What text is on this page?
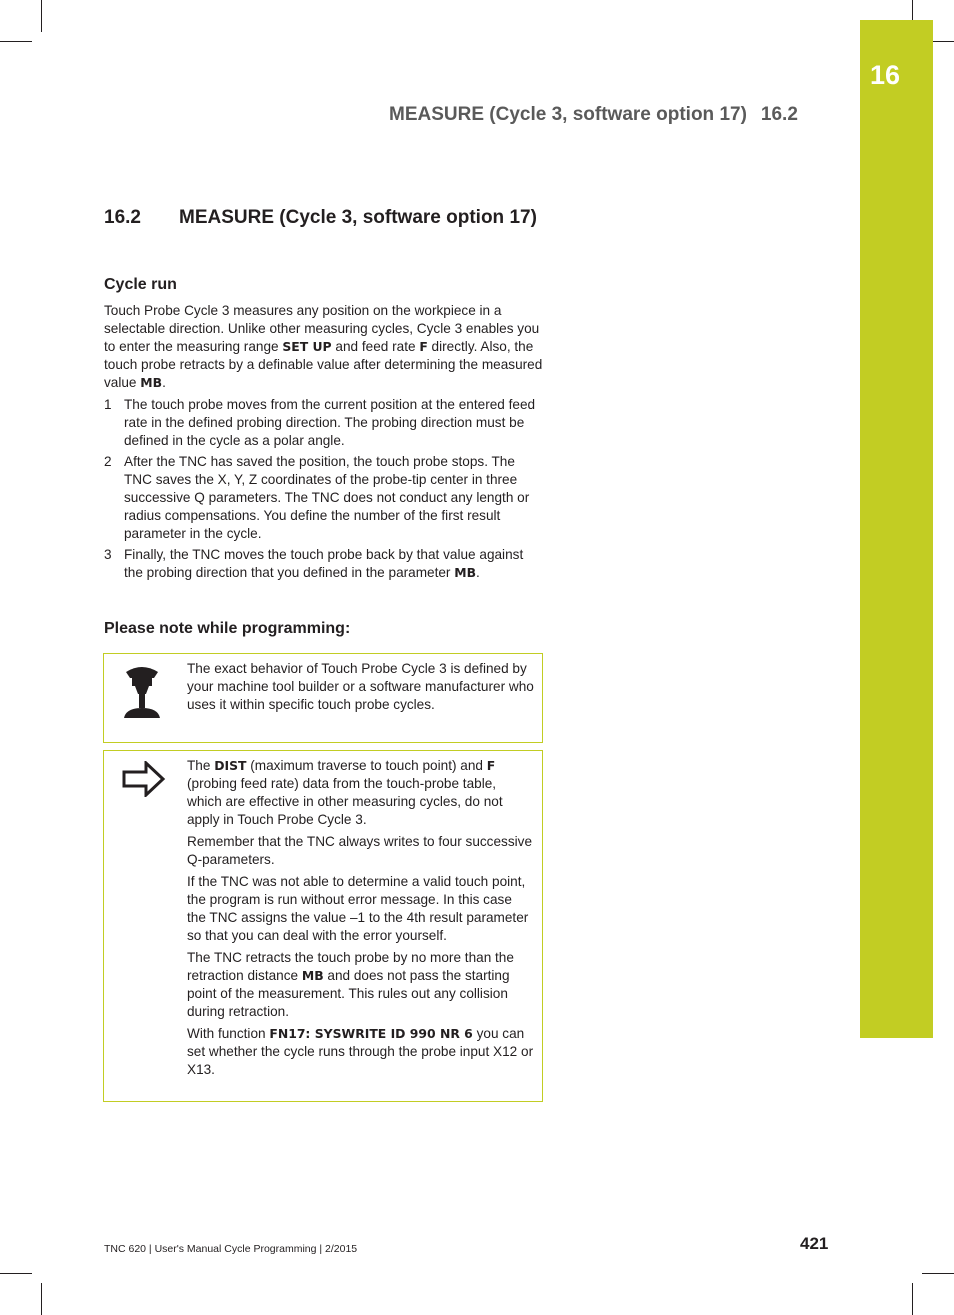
16
MEASURE (Cycle 3, software option 17) 16.2
16.2 MEASURE (Cycle 3, software option 17)
Cycle run
Touch Probe Cycle 3 measures any position on the workpiece in a selectable direction. Unlike other measuring cycles, Cycle 3 enables you to enter the measuring range SET UP and feed rate F directly. Also, the touch probe retracts by a definable value after determining the measured value MB.
1 The touch probe moves from the current position at the entered feed rate in the defined probing direction. The probing direction must be defined in the cycle as a polar angle.
2 After the TNC has saved the position, the touch probe stops. The TNC saves the X, Y, Z coordinates of the probe-tip center in three successive Q parameters. The TNC does not conduct any length or radius compensations. You define the number of the first result parameter in the cycle.
3 Finally, the TNC moves the touch probe back by that value against the probing direction that you defined in the parameter MB.
Please note while programming:

The exact behavior of Touch Probe Cycle 3 is defined by your machine tool builder or a software manufacturer who uses it within specific touch probe cycles.

The DIST (maximum traverse to touch point) and F (probing feed rate) data from the touch-probe table, which are effective in other measuring cycles, do not apply in Touch Probe Cycle 3.

Remember that the TNC always writes to four successive Q-parameters.

If the TNC was not able to determine a valid touch point, the program is run without error message. In this case the TNC assigns the value –1 to the 4th result parameter so that you can deal with the error yourself.

The TNC retracts the touch probe by no more than the retraction distance MB and does not pass the starting point of the measurement. This rules out any collision during retraction.

With function FN17: SYSWRITE ID 990 NR 6 you can set whether the cycle runs through the probe input X12 or X13.

TNC 620 | User's Manual Cycle Programming | 2/2015	421
